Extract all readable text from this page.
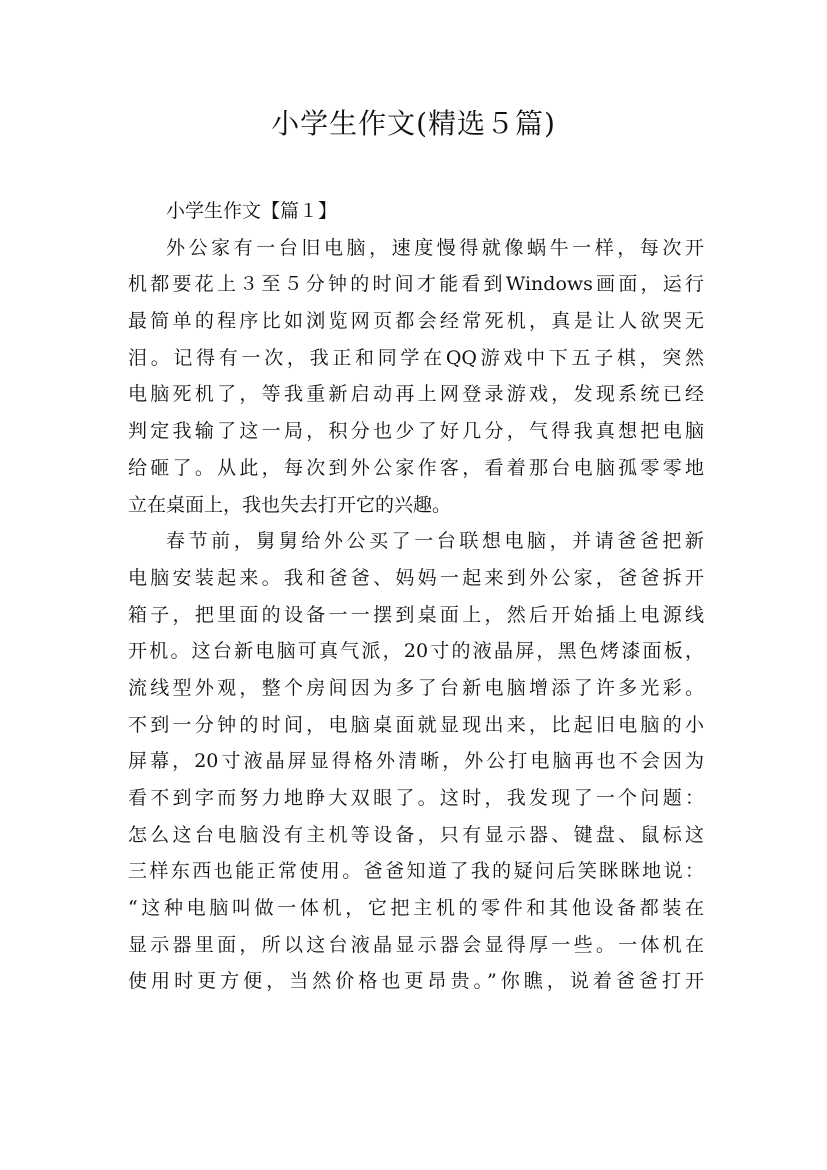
小学生作文(精选５篇)
小学生作文【篇１】
外公家有一台旧电脑，速度慢得就像蜗牛一样，每次开
机都要花上３至５分钟的时间才能看到Windows画面，运行
最简单的程序比如浏览网页都会经常死机，真是让人欲哭无
泪。记得有一次，我正和同学在QQ游戏中下五子棋，突然
电脑死机了，等我重新启动再上网登录游戏，发现系统已经
判定我输了这一局，积分也少了好几分，气得我真想把电脑
给砸了。从此，每次到外公家作客，看着那台电脑孤零零地
立在桌面上，我也失去打开它的兴趣。
春节前，舅舅给外公买了一台联想电脑，并请爸爸把新
电脑安装起来。我和爸爸、妈妈一起来到外公家，爸爸拆开
箱子，把里面的设备一一摆到桌面上，然后开始插上电源线
开机。这台新电脑可真气派，20寸的液晶屏，黑色烤漆面板，
流线型外观，整个房间因为多了台新电脑增添了许多光彩。
不到一分钟的时间，电脑桌面就显现出来，比起旧电脑的小
屏幕，20寸液晶屏显得格外清晰，外公打电脑再也不会因为
看不到字而努力地睁大双眼了。这时，我发现了一个问题：
怎么这台电脑没有主机等设备，只有显示器、键盘、鼠标这
三样东西也能正常使用。爸爸知道了我的疑问后笑眯眯地说：
“这种电脑叫做一体机，它把主机的零件和其他设备都装在
显示器里面，所以这台液晶显示器会显得厚一些。一体机在
使用时更方便，当然价格也更昂贵。”你瞧，说着爸爸打开
